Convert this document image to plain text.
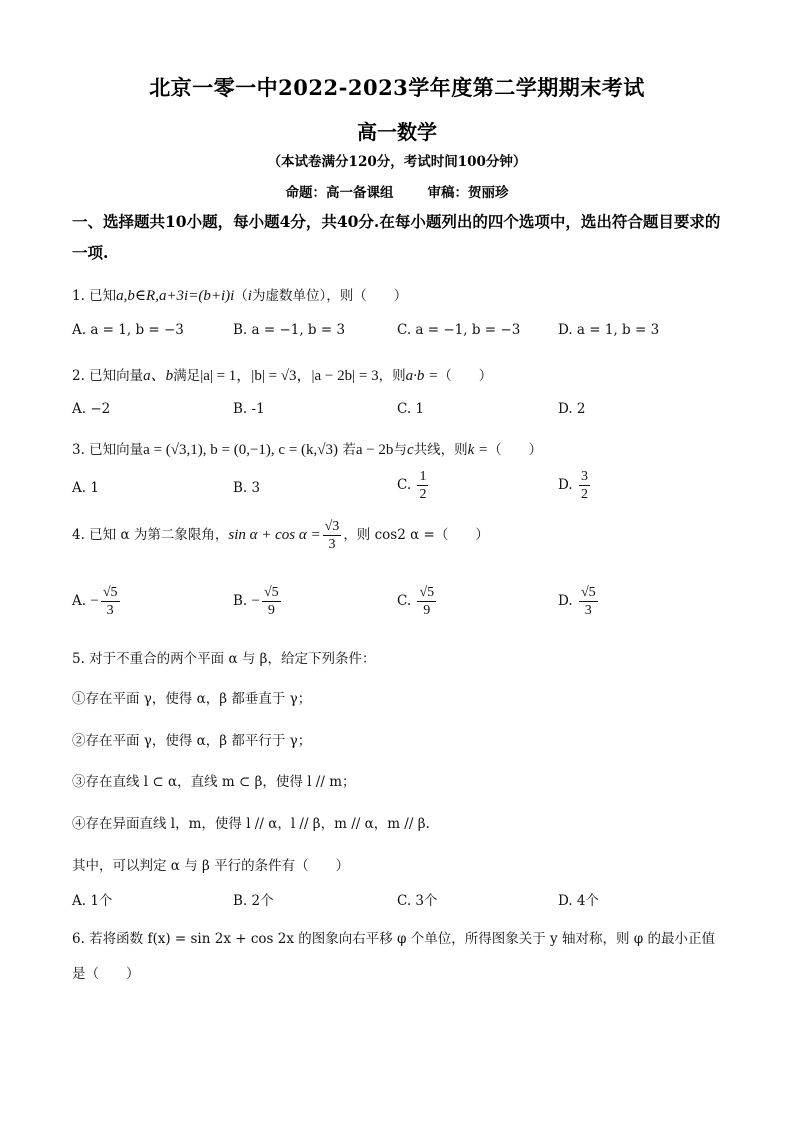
北京一零一中2022-2023学年度第二学期期末考试
高一数学
（本试卷满分120分，考试时间100分钟）
命题：高一备课组	审稿：贺丽珍
一、选择题共10小题，每小题4分，共40分.在每小题列出的四个选项中，选出符合题目要求的一项.
1. 已知a,b∈R,a+3i=(b+i)i（i为虚数单位），则（　　）
A. a = 1, b = −3	B. a = −1, b = 3	C. a = −1, b = −3	D. a = 1, b = 3
2. 已知向量a、b满足|a| = 1，|b| = √3，|a − 2b| = 3，则a·b =（　　）
A. −2	B. -1	C. 1	D. 2
3. 已知向量a = (√3,1), b = (0,−1), c = (k,√3) 若a − 2b与c共线，则k =（　　）
A. 1	B. 3	C. $\frac{1}{2}$	D. $\frac{3}{2}$
4. 已知 α 为第二象限角，$\sin \alpha + \cos \alpha = \frac{√3}{3}$ ，则 cos2 α =（　　）
A. − $\frac{√5}{3}$	B. − $\frac{√5}{9}$	C. $\frac{√5}{9}$	D. $\frac{√5}{3}$
5. 对于不重合的两个平面 α 与 β，给定下列条件：
①存在平面 γ，使得 α，β 都垂直于 γ；
②存在平面 γ，使得 α，β 都平行于 γ；
③存在直线 l ⊂ α，直线 m ⊂ β，使得 l // m；
④存在异面直线 l，m，使得 l // α，l // β，m // α，m // β.
其中，可以判定 α 与 β 平行的条件有（　　）
A. 1个	B. 2个	C. 3个	D. 4个
6. 若将函数 f(x) = sin 2x + cos 2x 的图象向右平移 φ 个单位，所得图象关于 y 轴对称，则 φ 的最小正值
是（　　）
